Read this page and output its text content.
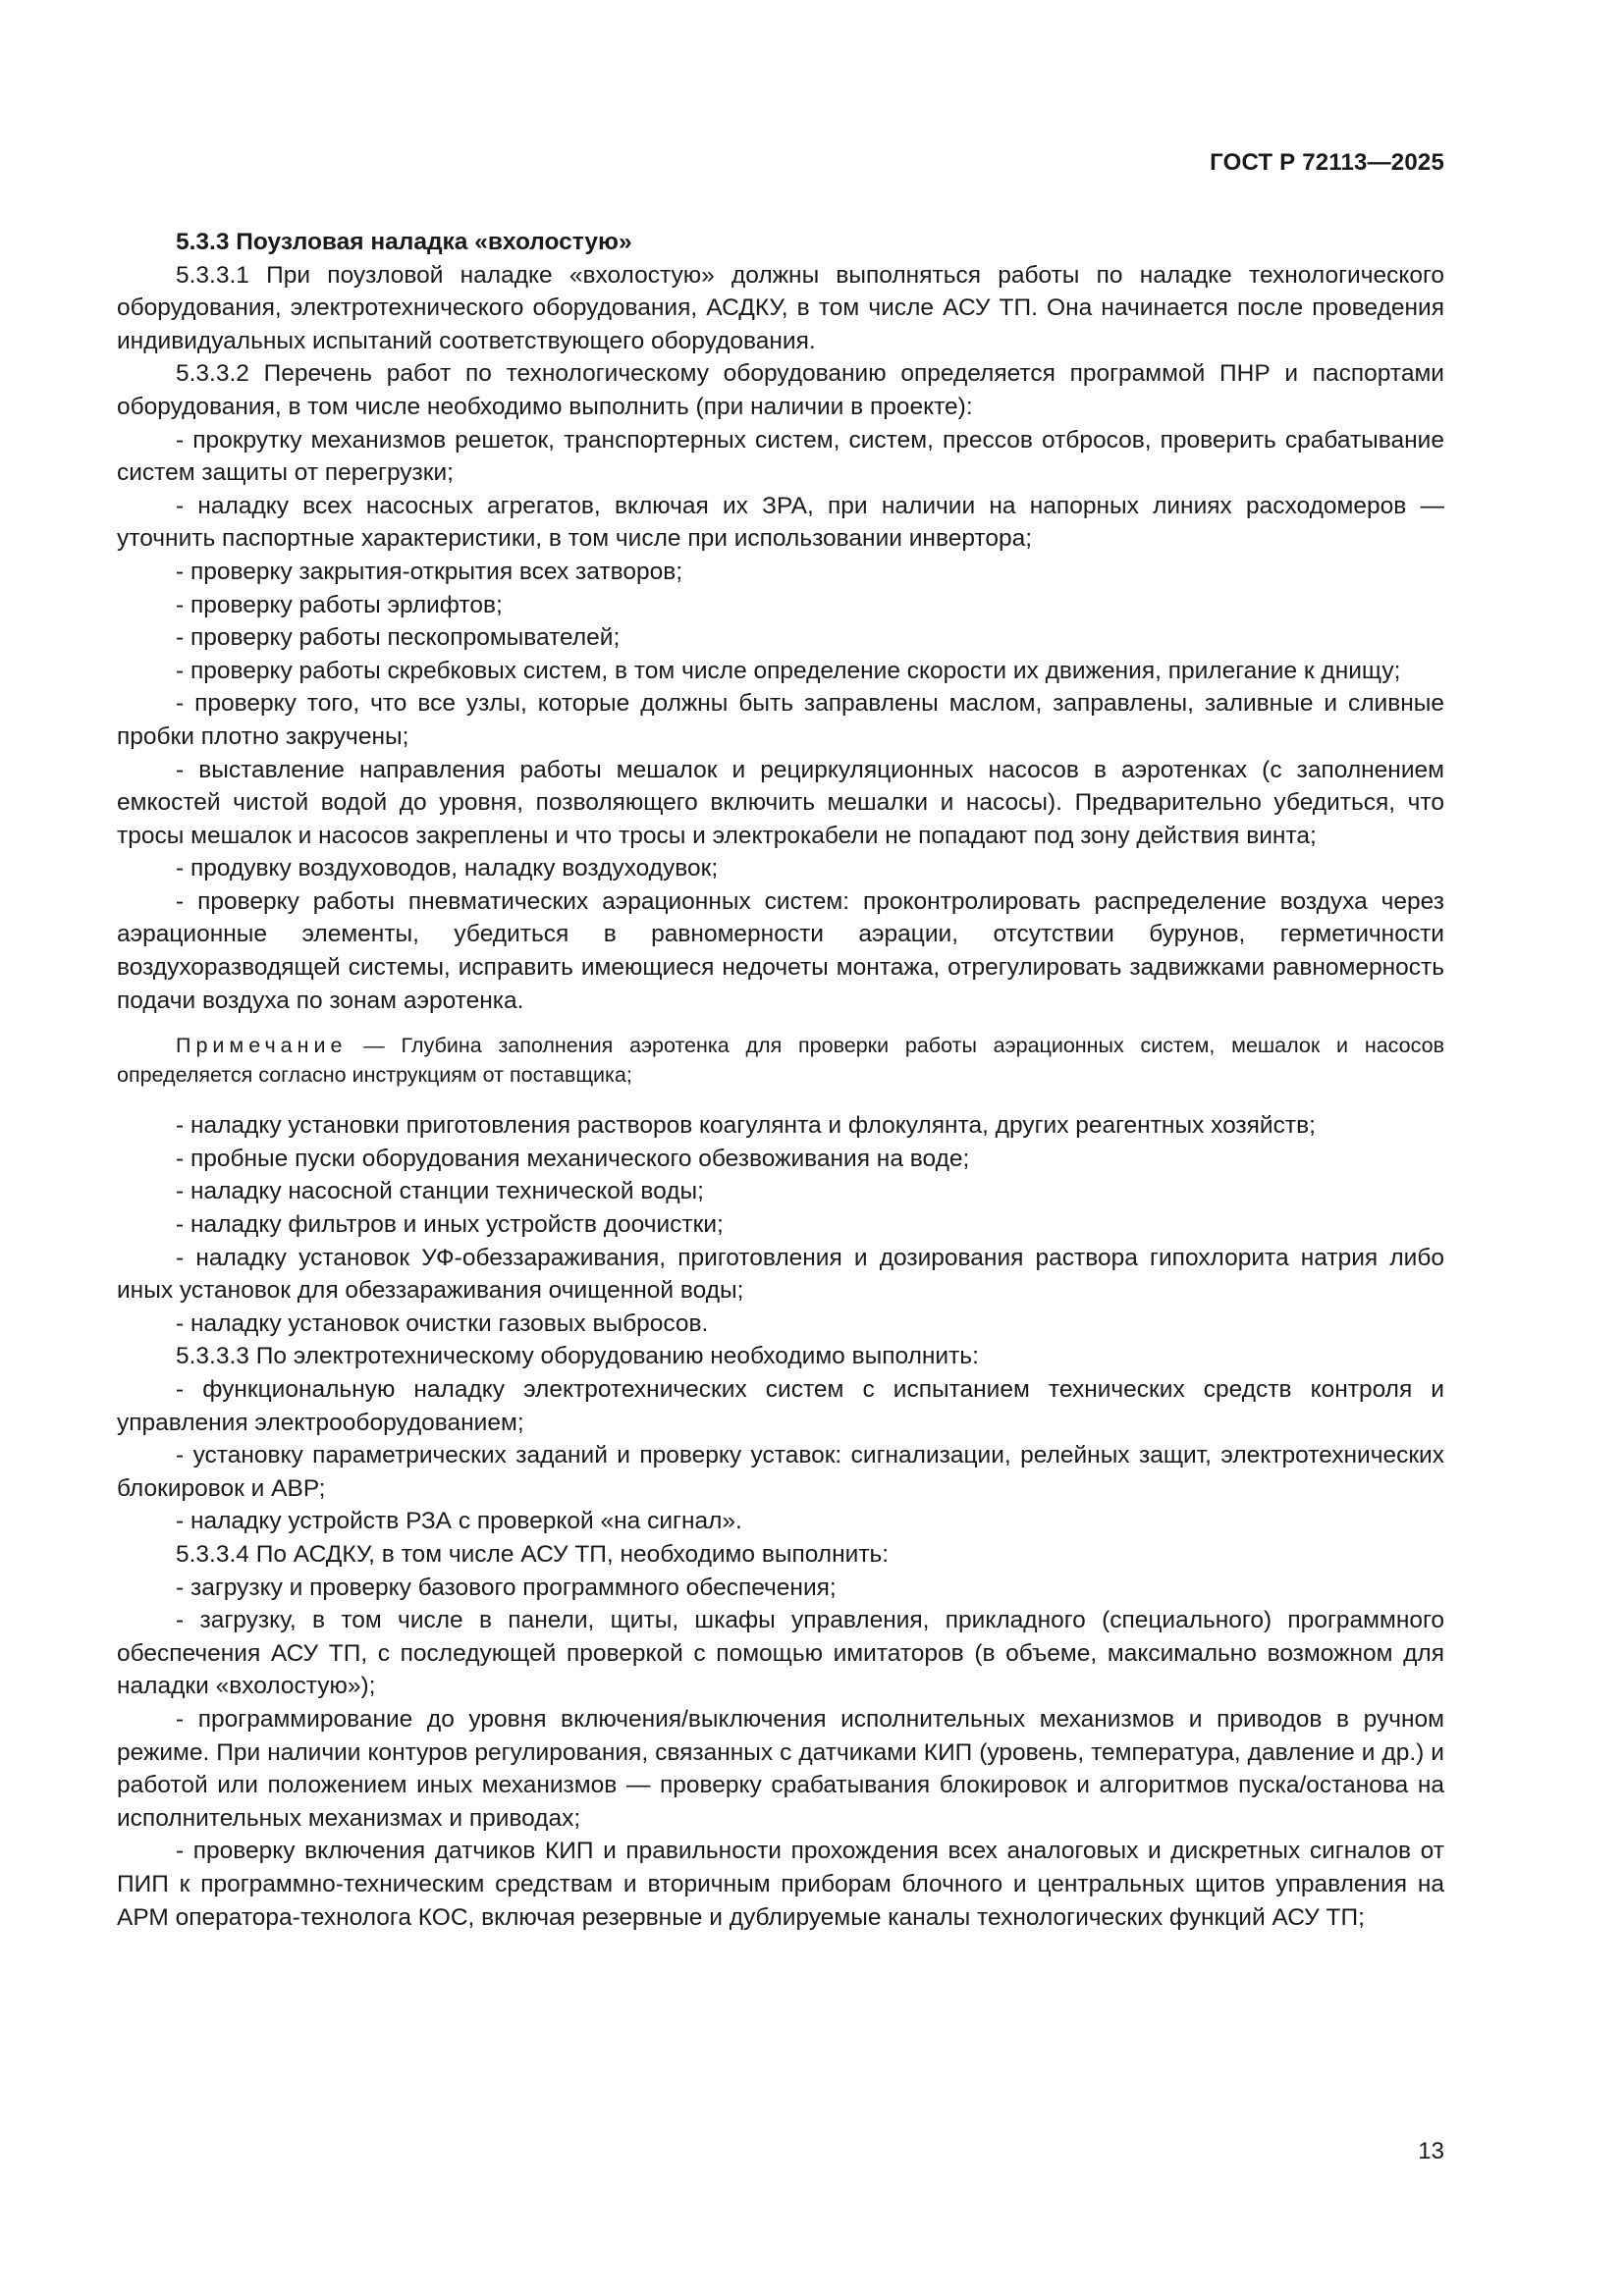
ГОСТ Р 72113—2025

5.3.3 Поузловая наладка «вхолостую»

5.3.3.1 При поузловой наладке «вхолостую» должны выполняться работы по наладке технологического оборудования, электротехнического оборудования, АСДКУ, в том числе АСУ ТП. Она начинается после проведения индивидуальных испытаний соответствующего оборудования.

5.3.3.2 Перечень работ по технологическому оборудованию определяется программой ПНР и паспортами оборудования, в том числе необходимо выполнить (при наличии в проекте):

- прокрутку механизмов решеток, транспортерных систем, систем, прессов отбросов, проверить срабатывание систем защиты от перегрузки;

- наладку всех насосных агрегатов, включая их ЗРА, при наличии на напорных линиях расходомеров — уточнить паспортные характеристики, в том числе при использовании инвертора;

- проверку закрытия-открытия всех затворов;

- проверку работы эрлифтов;

- проверку работы пескопромывателей;

- проверку работы скребковых систем, в том числе определение скорости их движения, прилегание к днищу;

- проверку того, что все узлы, которые должны быть заправлены маслом, заправлены, заливные и сливные пробки плотно закручены;

- выставление направления работы мешалок и рециркуляционных насосов в аэротенках (с заполнением емкостей чистой водой до уровня, позволяющего включить мешалки и насосы). Предварительно убедиться, что тросы мешалок и насосов закреплены и что тросы и электрокабели не попадают под зону действия винта;

- продувку воздуховодов, наладку воздуходувок;

- проверку работы пневматических аэрационных систем: проконтролировать распределение воздуха через аэрационные элементы, убедиться в равномерности аэрации, отсутствии бурунов, герметичности воздухоразводящей системы, исправить имеющиеся недочеты монтажа, отрегулировать задвижками равномерность подачи воздуха по зонам аэротенка.

Примечание — Глубина заполнения аэротенка для проверки работы аэрационных систем, мешалок и насосов определяется согласно инструкциям от поставщика;

- наладку установки приготовления растворов коагулянта и флокулянта, других реагентных хозяйств;

- пробные пуски оборудования механического обезвоживания на воде;

- наладку насосной станции технической воды;

- наладку фильтров и иных устройств доочистки;

- наладку установок УФ-обеззараживания, приготовления и дозирования раствора гипохлорита натрия либо иных установок для обеззараживания очищенной воды;

- наладку установок очистки газовых выбросов.

5.3.3.3 По электротехническому оборудованию необходимо выполнить:

- функциональную наладку электротехнических систем с испытанием технических средств контроля и управления электрооборудованием;

- установку параметрических заданий и проверку уставок: сигнализации, релейных защит, электротехнических блокировок и АВР;

- наладку устройств РЗА с проверкой «на сигнал».

5.3.3.4 По АСДКУ, в том числе АСУ ТП, необходимо выполнить:

- загрузку и проверку базового программного обеспечения;

- загрузку, в том числе в панели, щиты, шкафы управления, прикладного (специального) программного обеспечения АСУ ТП, с последующей проверкой с помощью имитаторов (в объеме, максимально возможном для наладки «вхолостую»);

- программирование до уровня включения/выключения исполнительных механизмов и приводов в ручном режиме. При наличии контуров регулирования, связанных с датчиками КИП (уровень, температура, давление и др.) и работой или положением иных механизмов — проверку срабатывания блокировок и алгоритмов пуска/останова на исполнительных механизмах и приводах;

- проверку включения датчиков КИП и правильности прохождения всех аналоговых и дискретных сигналов от ПИП к программно-техническим средствам и вторичным приборам блочного и центральных щитов управления на АРМ оператора-технолога КОС, включая резервные и дублируемые каналы технологических функций АСУ ТП;

13
